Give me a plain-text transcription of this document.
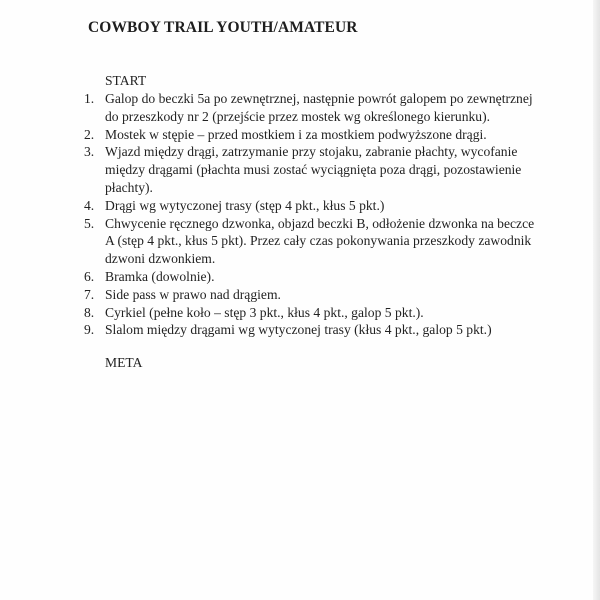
COWBOY TRAIL YOUTH/AMATEUR
START
1. Galop do beczki 5a po zewnętrznej, następnie powrót galopem po zewnętrznej do przeszkody nr 2 (przejście przez mostek wg określonego kierunku).
2. Mostek w stępie – przed mostkiem i za mostkiem podwyższone drągi.
3. Wjazd między drągi, zatrzymanie przy stojaku, zabranie płachty, wycofanie między drągami (płachta musi zostać wyciągnięta poza drągi, pozostawienie płachty).
4. Drągi wg wytyczonej trasy (stęp 4 pkt., kłus 5 pkt.)
5. Chwycenie ręcznego dzwonka, objazd beczki B, odłożenie dzwonka na beczce A (stęp 4 pkt., kłus 5 pkt). Przez cały czas pokonywania przeszkody zawodnik dzwoni dzwonkiem.
6. Bramka (dowolnie).
7. Side pass w prawo nad drągiem.
8. Cyrkiel (pełne koło – stęp 3 pkt., kłus 4 pkt., galop 5 pkt.).
9. Slalom między drągami wg wytyczonej trasy (kłus 4 pkt., galop 5 pkt.)
META
